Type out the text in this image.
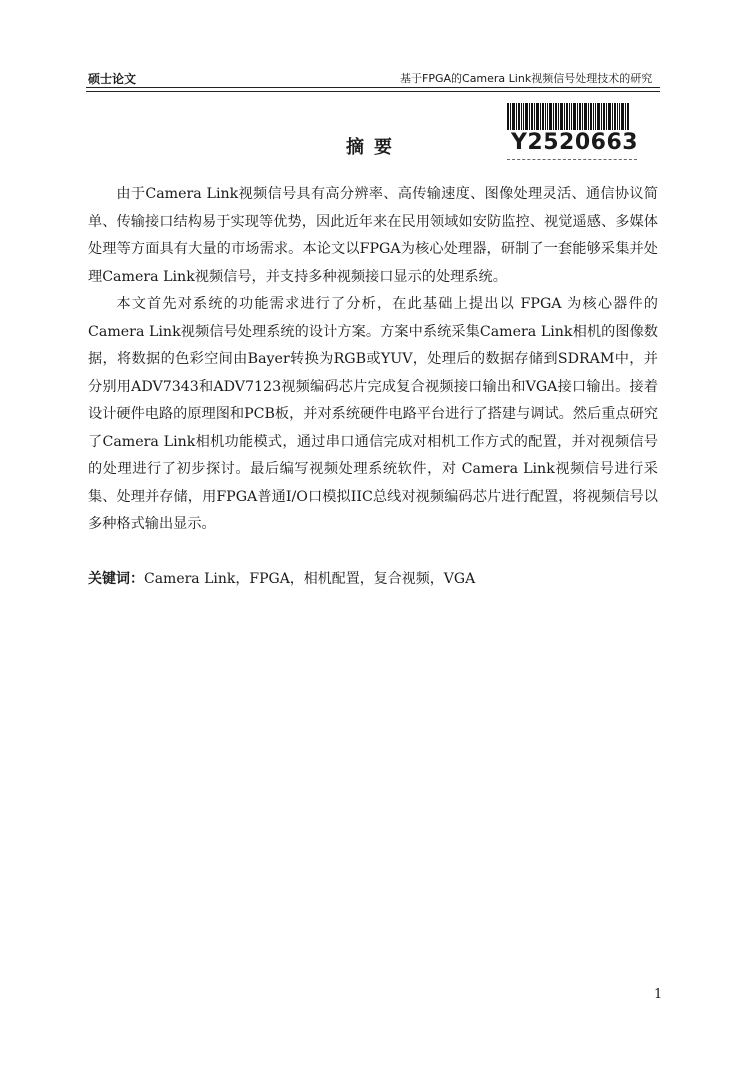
硕士论文	基于FPGA的Camera Link视频信号处理技术的研究
Y2520663
摘要

由于Camera Link视频信号具有高分辨率、高传输速度、图像处理灵活、通信协议简单、传输接口结构易于实现等优势，因此近年来在民用领域如安防监控、视觉遥感、多媒体处理等方面具有大量的市场需求。本论文以FPGA为核心处理器，研制了一套能够采集并处理Camera Link视频信号，并支持多种视频接口显示的处理系统。

本文首先对系统的功能需求进行了分析，在此基础上提出以 FPGA 为核心器件的Camera Link视频信号处理系统的设计方案。方案中系统采集Camera Link相机的图像数据，将数据的色彩空间由Bayer转换为RGB或YUV，处理后的数据存储到SDRAM中，并分别用ADV7343和ADV7123视频编码芯片完成复合视频接口输出和VGA接口输出。接着设计硬件电路的原理图和PCB板，并对系统硬件电路平台进行了搭建与调试。然后重点研究了Camera Link相机功能模式，通过串口通信完成对相机工作方式的配置，并对视频信号的处理进行了初步探讨。最后编写视频处理系统软件，对 Camera Link视频信号进行采集、处理并存储，用FPGA普通I/O口模拟IIC总线对视频编码芯片进行配置，将视频信号以多种格式输出显示。

关键词：Camera Link，FPGA，相机配置，复合视频，VGA
1
